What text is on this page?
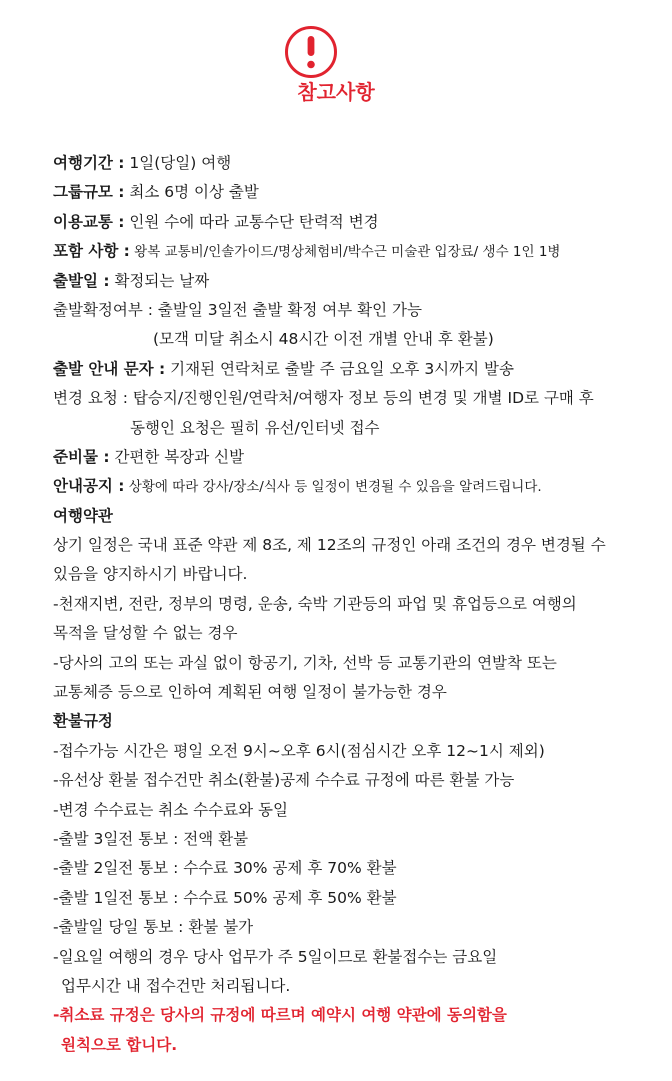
참고사항
여행기간 : 1일(당일) 여행
그룹규모 : 최소 6명 이상 출발
이용교통 : 인원 수에 따라 교통수단 탄력적 변경
포함 사항 : 왕복 교통비/인솔가이드/명상체험비/박수근 미술관 입장료/ 생수 1인 1병
출발일 : 확정되는 날짜
출발확정여부 : 출발일 3일전 출발 확정 여부 확인 가능
(모객 미달 취소시 48시간 이전 개별 안내 후 환불)
출발 안내 문자 : 기재된 연락처로 출발 주 금요일 오후 3시까지 발송
변경 요청 : 탑승지/진행인원/연락처/여행자 정보 등의 변경 및 개별 ID로 구매 후
동행인 요청은 필히 유선/인터넷 접수
준비물 : 간편한 복장과 신발
안내공지 : 상황에 따라 강사/장소/식사 등 일정이 변경될 수 있음을 알려드립니다.
여행약관
상기 일정은 국내 표준 약관 제 8조, 제 12조의 규정인 아래 조건의 경우 변경될 수
있음을 양지하시기 바랍니다.
-천재지변, 전란, 정부의 명령, 운송, 숙박 기관등의 파업 및 휴업등으로 여행의
목적을 달성할 수 없는 경우
-당사의 고의 또는 과실 없이 항공기, 기차, 선박 등 교통기관의 연발착 또는
교통체증 등으로 인하여 계획된 여행 일정이 불가능한 경우
환불규정
-접수가능 시간은 평일 오전 9시~오후 6시(점심시간 오후 12~1시 제외)
-유선상 환불 접수건만 취소(환불)공제 수수료 규정에 따른 환불 가능
-변경 수수료는 취소 수수료와 동일
-출발 3일전 통보 : 전액 환불
-출발 2일전 통보 : 수수료 30% 공제 후 70% 환불
-출발 1일전 통보 : 수수료 50% 공제 후 50% 환불
-출발일 당일 통보 : 환불 불가
-일요일 여행의 경우 당사 업무가 주 5일이므로 환불접수는 금요일
업무시간 내 접수건만 처리됩니다.
-취소료 규정은 당사의 규정에 따르며 예약시 여행 약관에 동의함을
원칙으로 합니다.
